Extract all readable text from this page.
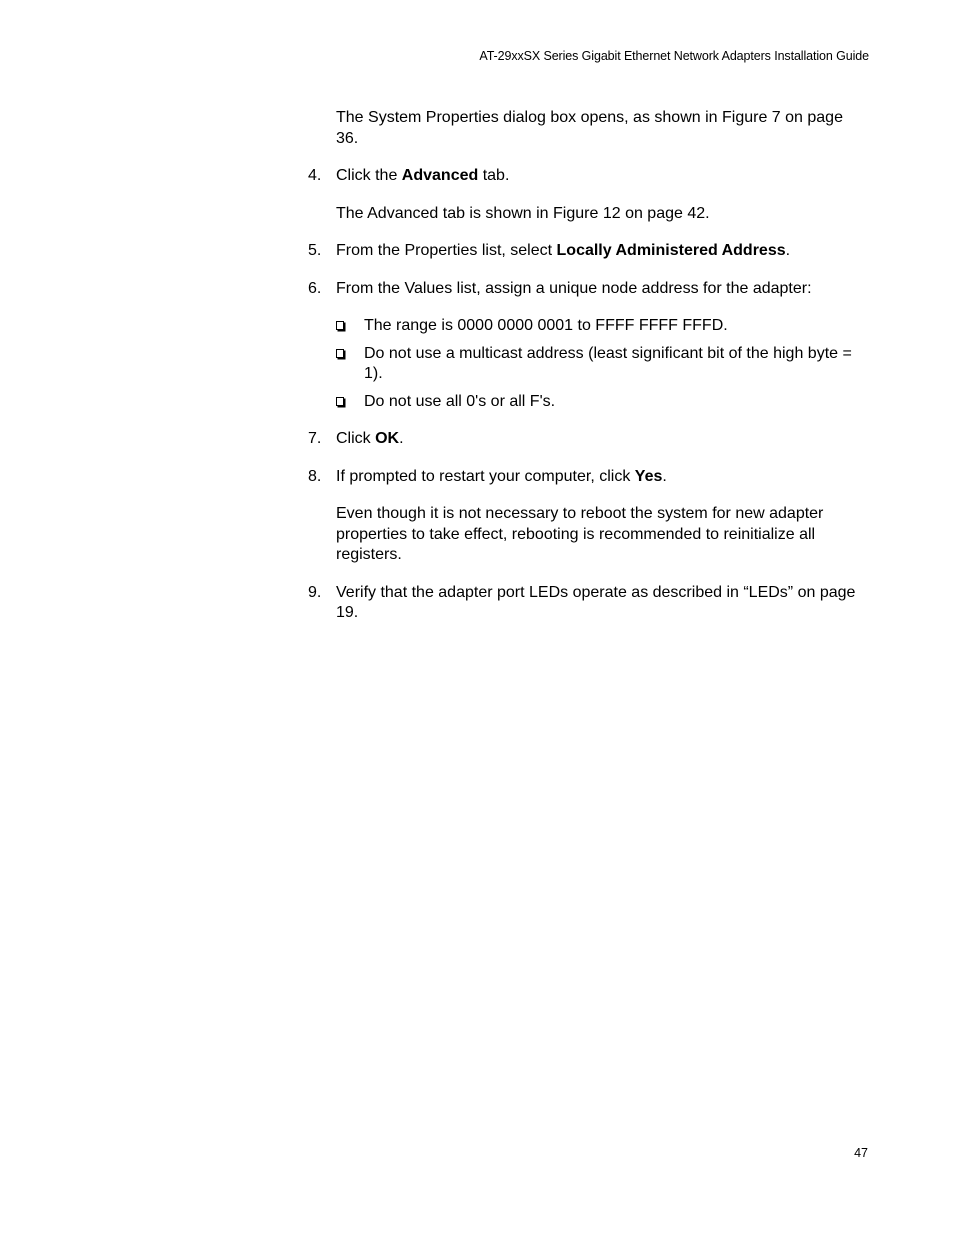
AT-29xxSX Series Gigabit Ethernet Network Adapters Installation Guide

The System Properties dialog box opens, as shown in Figure 7 on page 36.

4. Click the Advanced tab.

The Advanced tab is shown in Figure 12 on page 42.

5. From the Properties list, select Locally Administered Address.
6. From the Values list, assign a unique node address for the adapter:
The range is 0000 0000 0001 to FFFF FFFF FFFD.
Do not use a multicast address (least significant bit of the high byte = 1).
Do not use all 0's or all F's.
7. Click OK.
8. If prompted to restart your computer, click Yes.

Even though it is not necessary to reboot the system for new adapter properties to take effect, rebooting is recommended to reinitialize all registers.

9. Verify that the adapter port LEDs operate as described in “LEDs” on page 19.
47
